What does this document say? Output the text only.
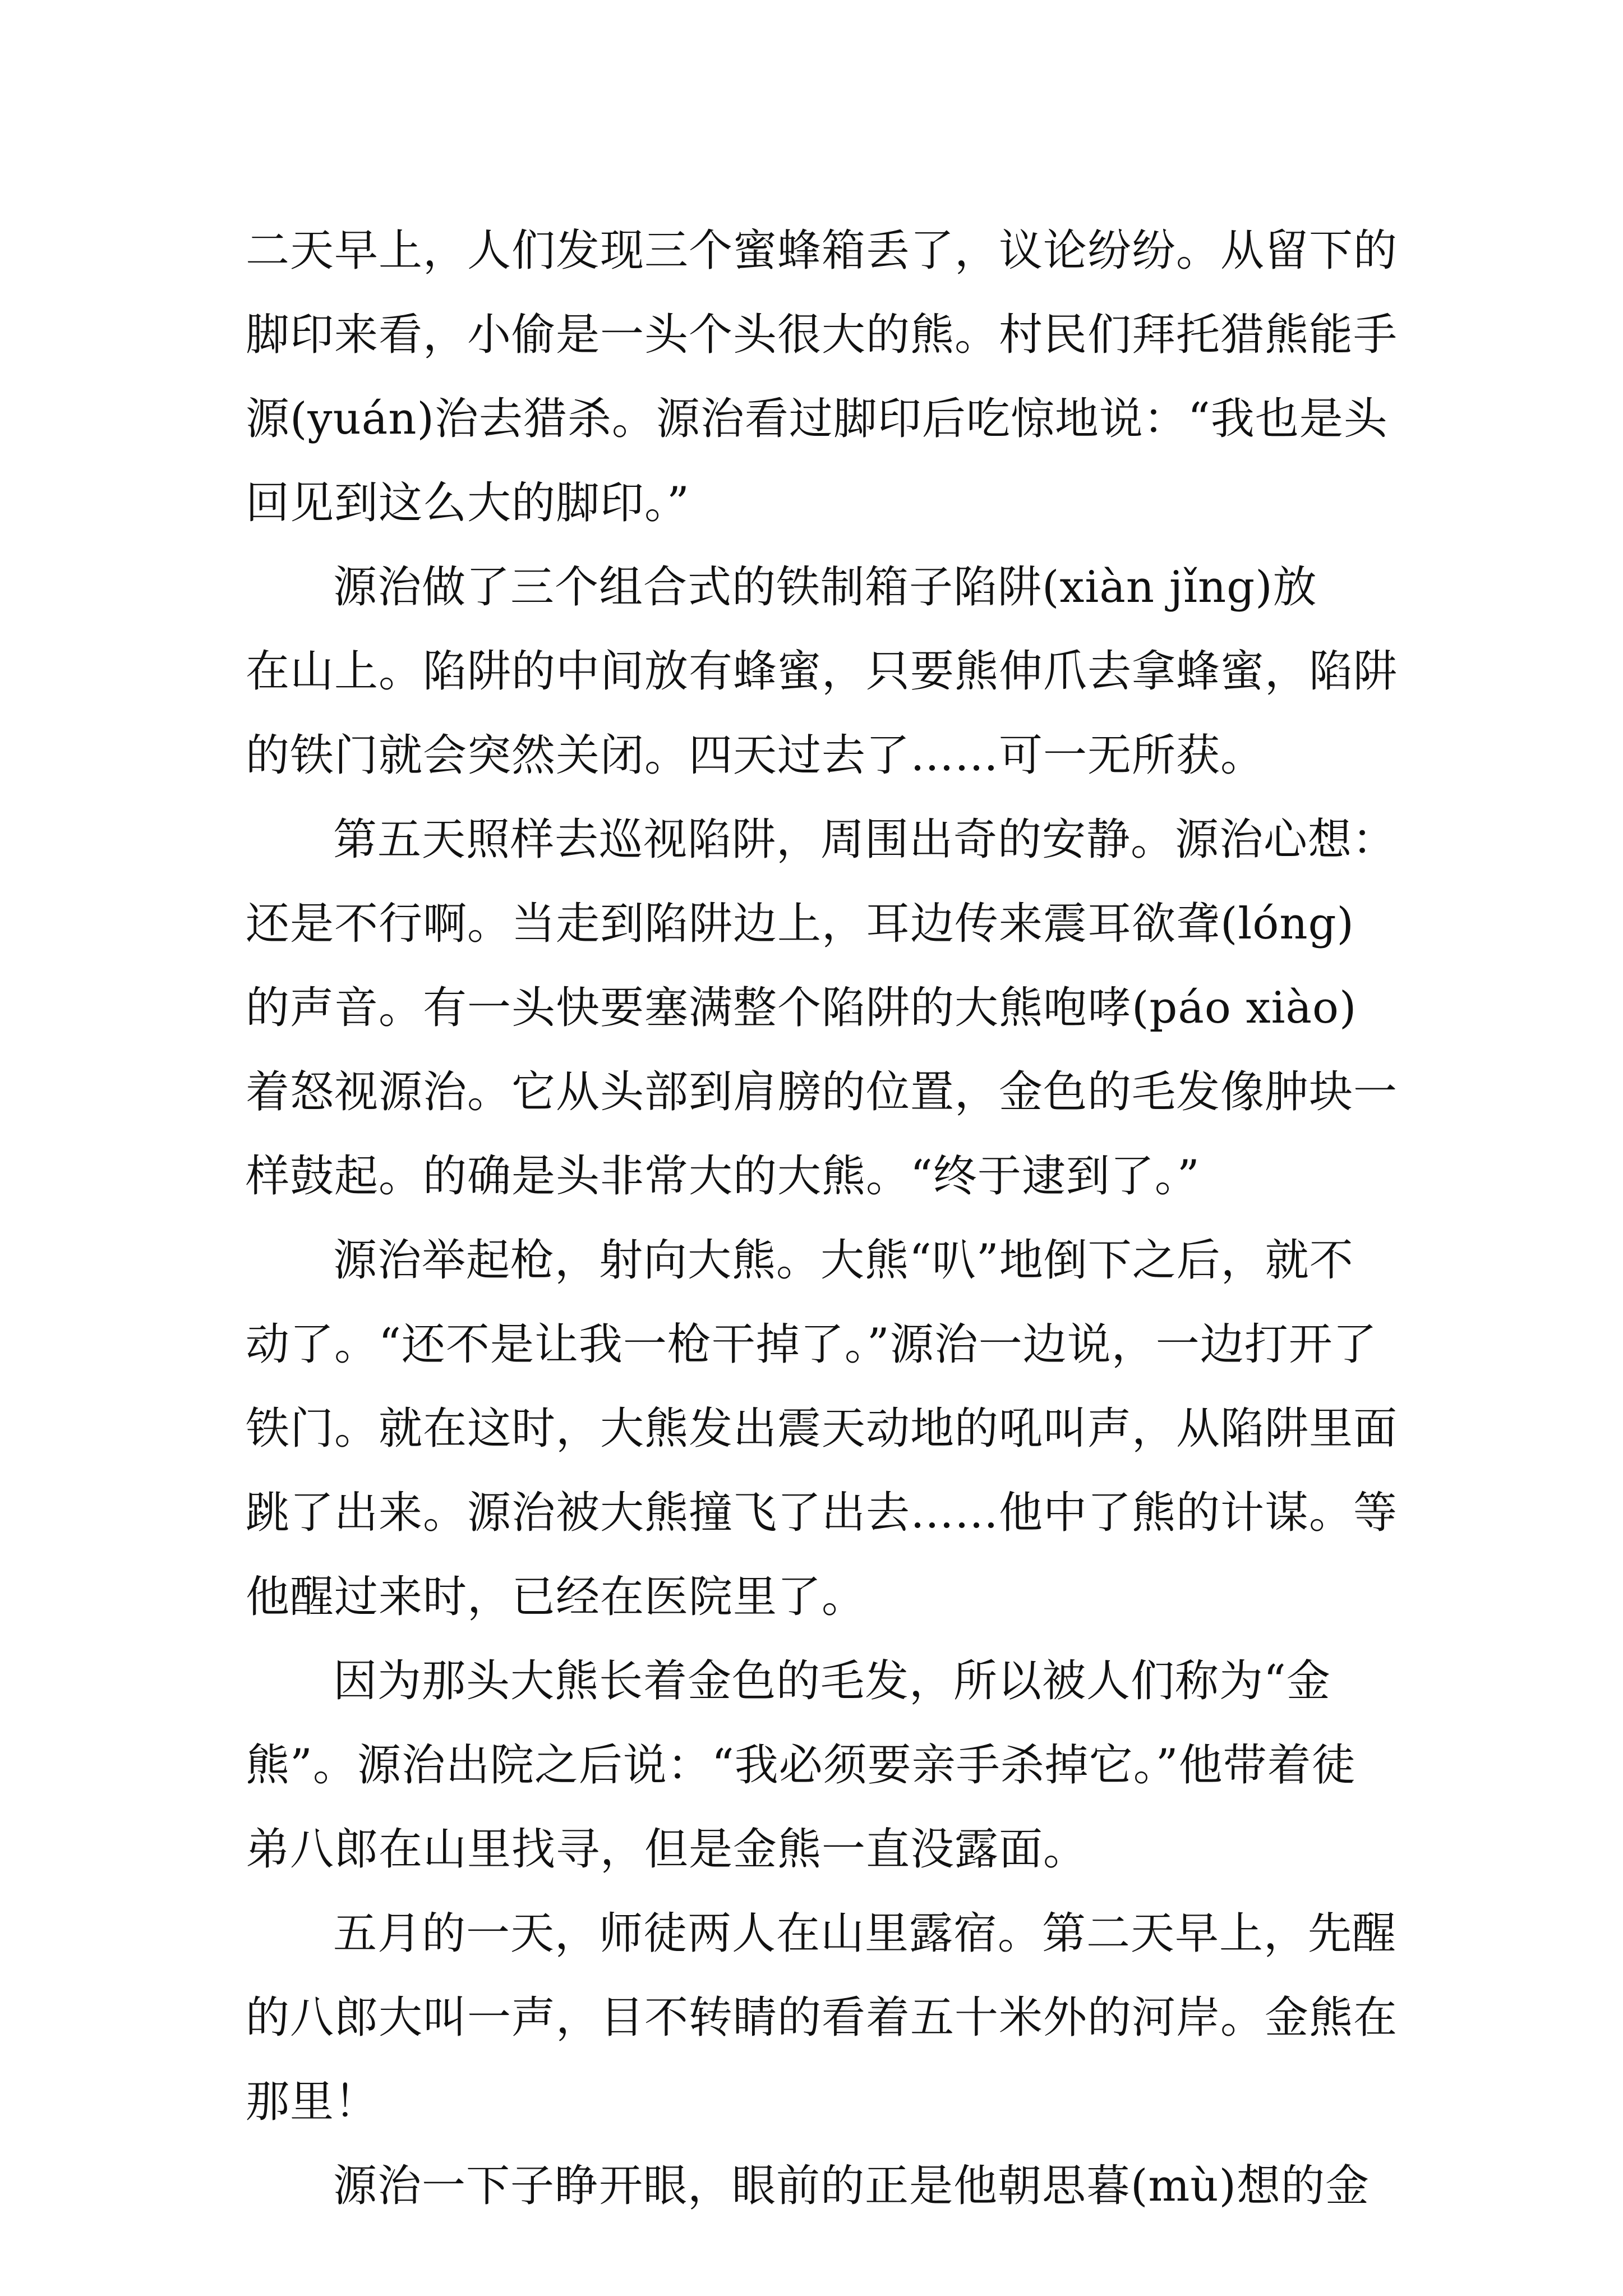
二天早上，人们发现三个蜜蜂箱丢了，议论纷纷。从留下的
脚印来看，小偷是一头个头很大的熊。村民们拜托猎熊能手
源(yuán)治去猎杀。源治看过脚印后吃惊地说：“我也是头
回见到这么大的脚印。”
源治做了三个组合式的铁制箱子陷阱(xiàn jǐng)放
在山上。陷阱的中间放有蜂蜜，只要熊伸爪去拿蜂蜜，陷阱
的铁门就会突然关闭。四天过去了……可一无所获。
第五天照样去巡视陷阱，周围出奇的安静。源治心想：
还是不行啊。当走到陷阱边上，耳边传来震耳欲聋(lóng)
的声音。有一头快要塞满整个陷阱的大熊咆哮(páo xiào)
着怒视源治。它从头部到肩膀的位置，金色的毛发像肿块一
样鼓起。的确是头非常大的大熊。“终于逮到了。”
源治举起枪，射向大熊。大熊“叭”地倒下之后，就不
动了。“还不是让我一枪干掉了。”源治一边说，一边打开了
铁门。就在这时，大熊发出震天动地的吼叫声，从陷阱里面
跳了出来。源治被大熊撞飞了出去……他中了熊的计谋。等
他醒过来时，已经在医院里了。
因为那头大熊长着金色的毛发，所以被人们称为“金
熊”。源治出院之后说：“我必须要亲手杀掉它。”他带着徒
弟八郎在山里找寻，但是金熊一直没露面。
五月的一天，师徒两人在山里露宿。第二天早上，先醒
的八郎大叫一声，目不转睛的看着五十米外的河岸。金熊在
那里！
源治一下子睁开眼，眼前的正是他朝思暮(mù)想的金
